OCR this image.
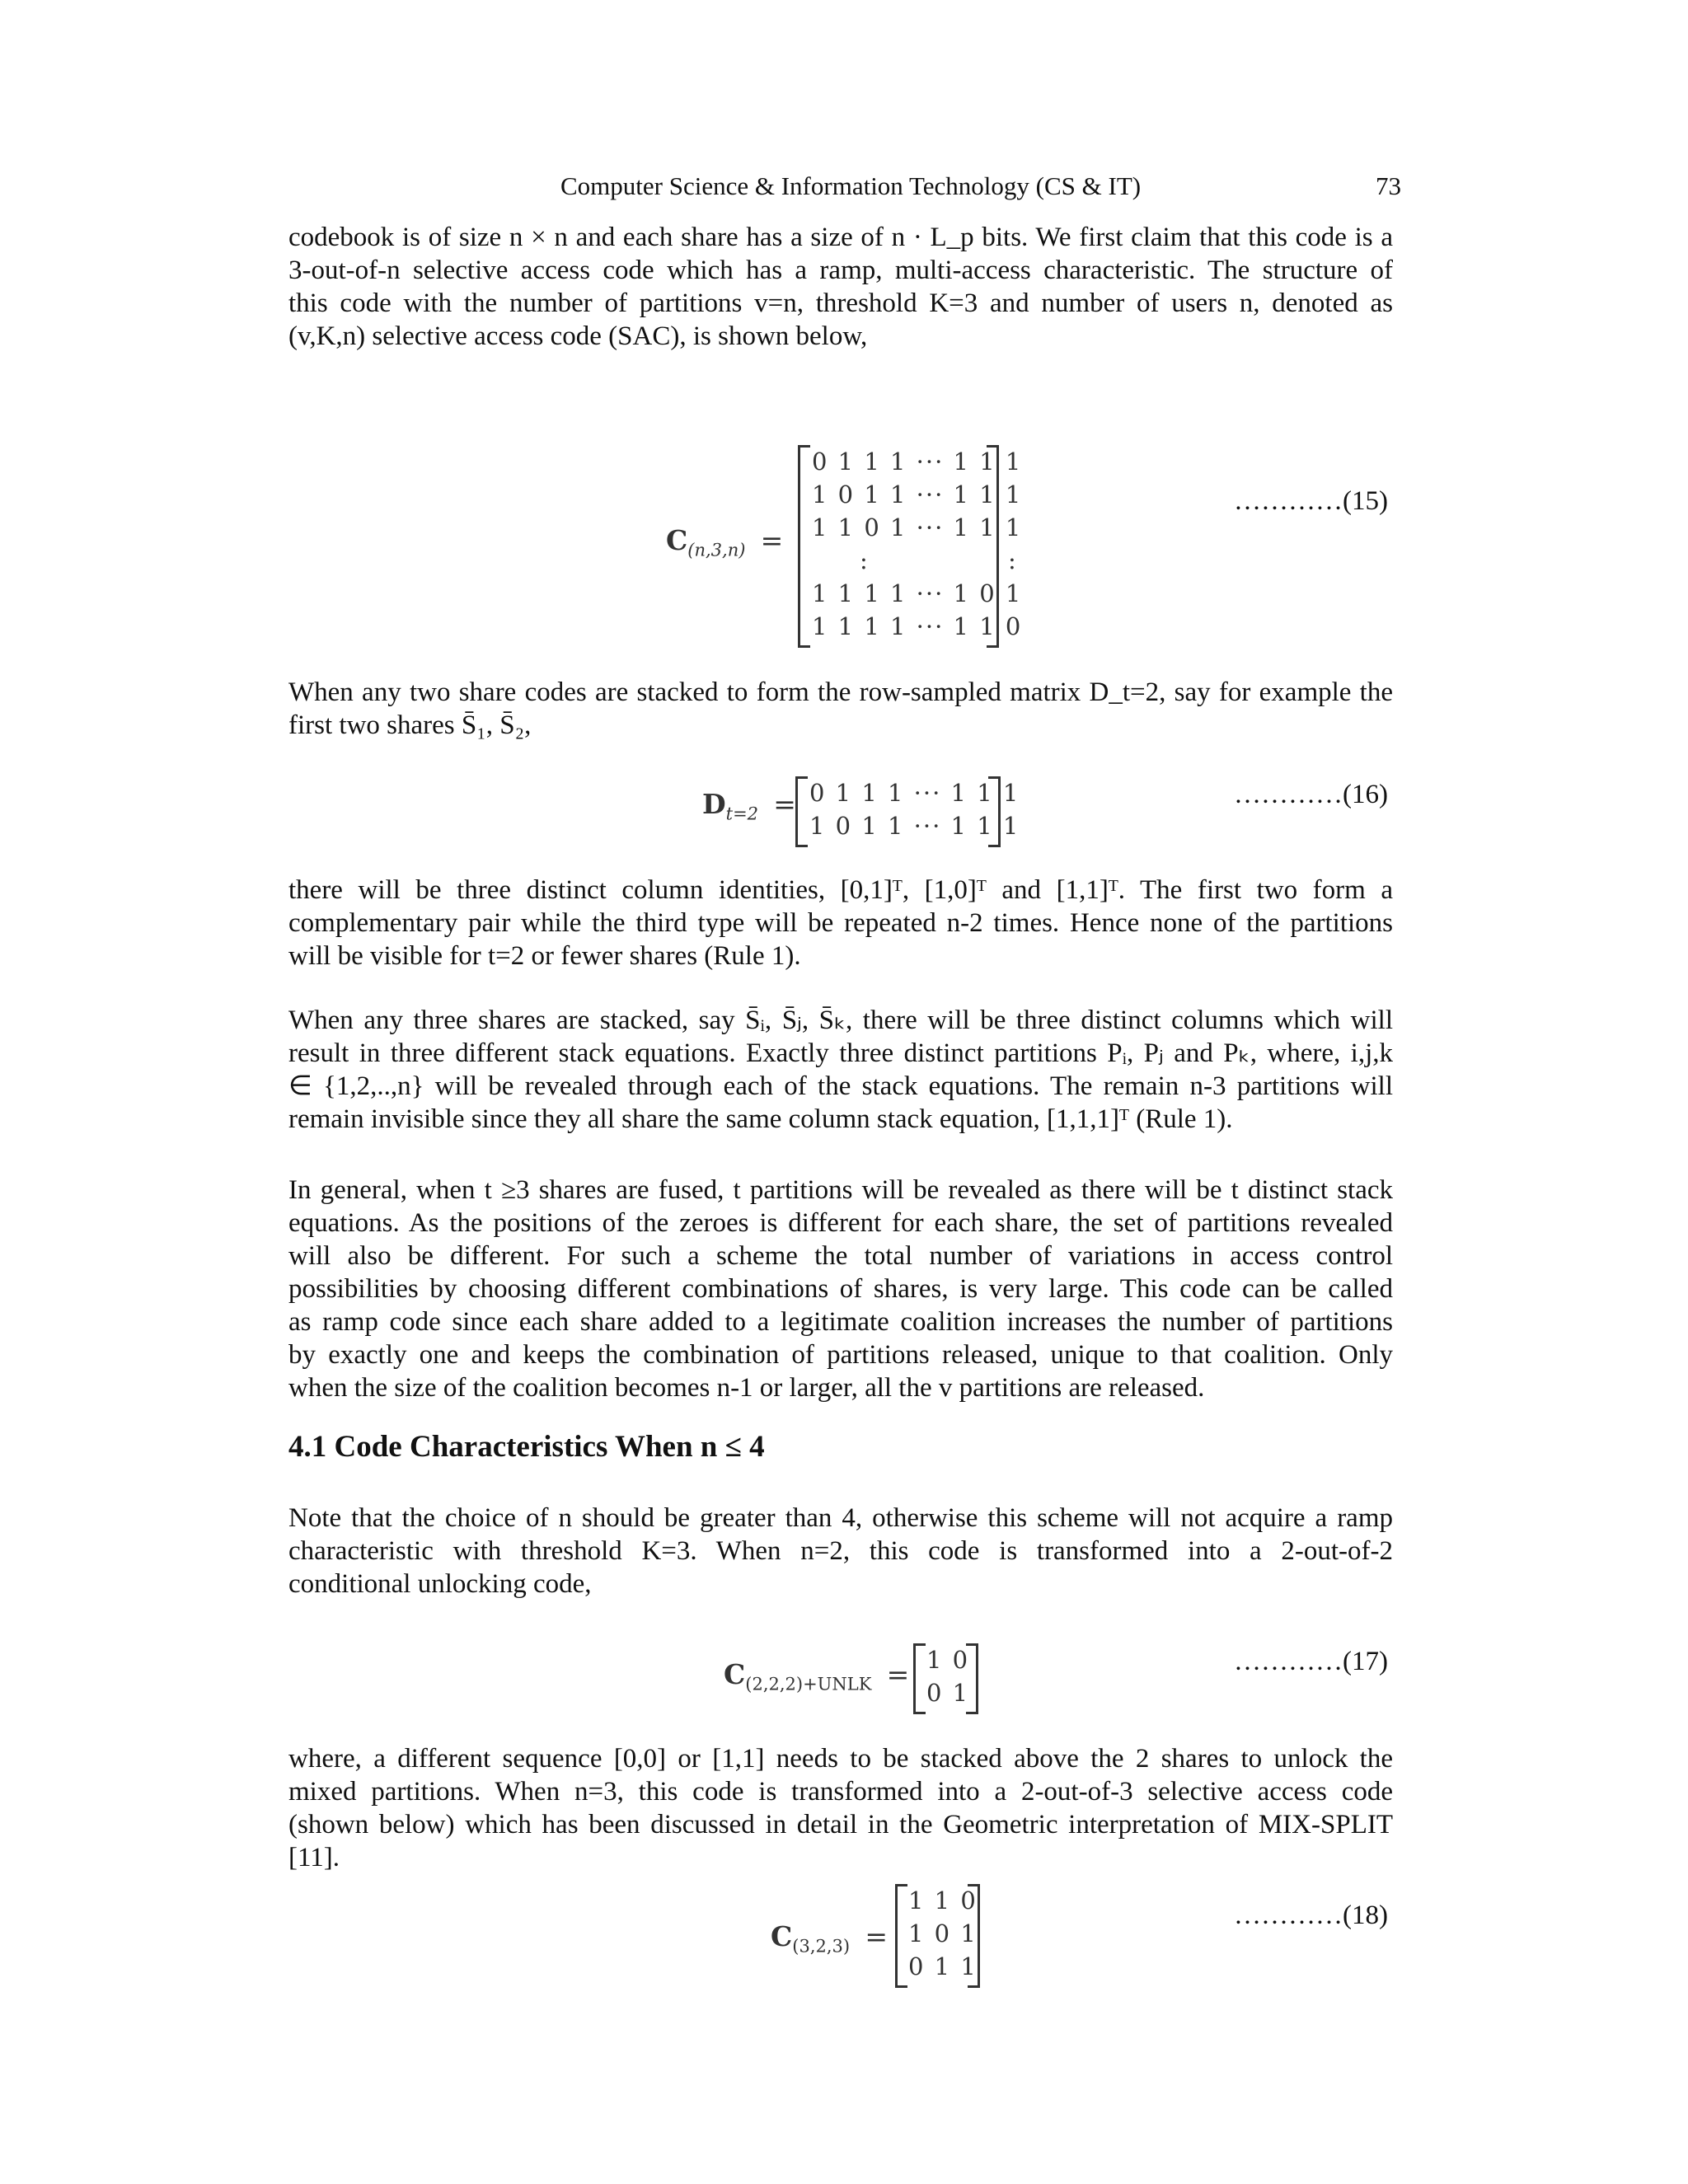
Computer Science & Information Technology (CS & IT)	73
codebook is of size n × n and each share has a size of n · L_p bits. We first claim that this code is a
3-out-of-n selective access code which has a ramp, multi-access characteristic. The structure of
this code with the number of partitions v=n, threshold K=3 and number of users n, denoted as
(v,K,n) selective access code (SAC), is shown below,
$C_{(n,3,n)}$ =
0 1 1 1 ··· 1 1 1
1 0 1 1 ··· 1 1 1
1 1 0 1 ··· 1 1 1
:               :
1 1 1 1 ··· 1 0 1
1 1 1 1 ··· 1 1 0
…………(15)
When any two share codes are stacked to form the row-sampled matrix D_t=2, say for example the
first two shares S̄₁, S̄₂,
$D_{t=2} = 0$ 1 1 1 ··· 1 1 1
1 0 1 1 ··· 1 1 1
…………(16)
there will be three distinct column identities, [0,1]ᵀ, [1,0]ᵀ and [1,1]ᵀ. The first two form a
complementary pair while the third type will be repeated n-2 times. Hence none of the partitions
will be visible for t=2 or fewer shares (Rule 1).
When any three shares are stacked, say S̄ᵢ, S̄ⱼ, S̄ₖ, there will be three distinct columns which will
result in three different stack equations. Exactly three distinct partitions Pᵢ, Pⱼ and Pₖ, where, i,j,k
∈ {1,2,..,n} will be revealed through each of the stack equations. The remain n-3 partitions will
remain invisible since they all share the same column stack equation, [1,1,1]ᵀ (Rule 1).
In general, when t ≥3 shares are fused, t partitions will be revealed as there will be t distinct stack
equations. As the positions of the zeroes is different for each share, the set of partitions revealed
will also be different. For such a scheme the total number of variations in access control
possibilities by choosing different combinations of shares, is very large. This code can be called
as ramp code since each share added to a legitimate coalition increases the number of partitions
by exactly one and keeps the combination of partitions released, unique to that coalition. Only
when the size of the coalition becomes n-1 or larger, all the v partitions are released.
4.1 Code Characteristics When n ≤ 4
Note that the choice of n should be greater than 4, otherwise this scheme will not acquire a ramp
characteristic with threshold K=3. When n=2, this code is transformed into a 2-out-of-2
conditional unlocking code,
$C_{(2,2,2)+UNLK} = 1$ 0
0 1
…………(17)
where, a different sequence [0,0] or [1,1] needs to be stacked above the 2 shares to unlock the
mixed partitions. When n=3, this code is transformed into a 2-out-of-3 selective access code
(shown below) which has been discussed in detail in the Geometric interpretation of MIX-SPLIT
[11].
$C_{(3,2,3)}$ =
1 1 0
1 0 1
0 1 1
…………(18)
